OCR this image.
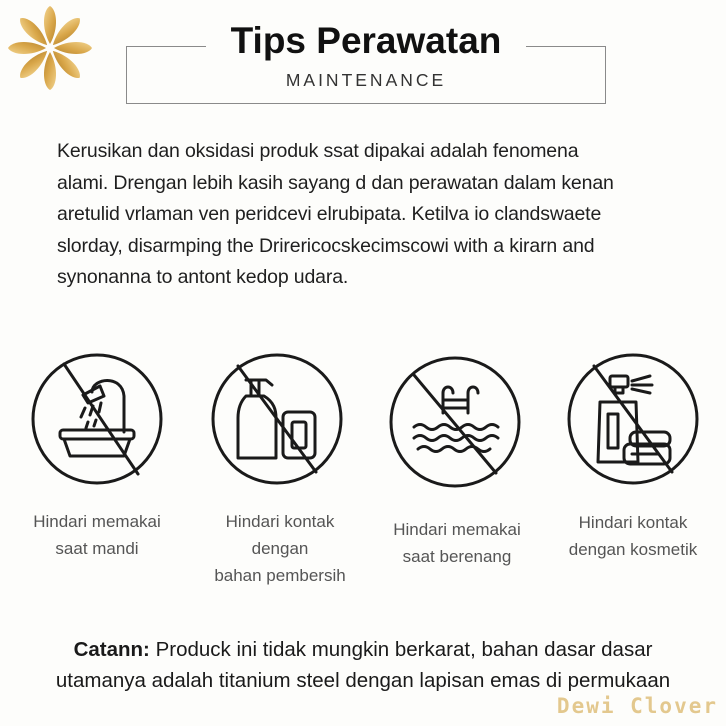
Tips Perawatan
MAINTENANCE

Kerusikan dan oksidasi produk ssat dipakai adalah fenomena
alami. Drengan lebih kasih sayang d dan perawatan dalam kenan
aretulid vrlaman ven peridcevi elrubipata. Ketilva io clandswaete
slorday, disarmping the Drirericocskecimscowi with a kirarn and
synonanna to antont kedop udara.

Hindari memakai
saat mandi
Hindari kontak
dengan
bahan pembersih
Hindari memakai
saat berenang
Hindari kontak
dengan kosmetik

Catann: Produck ini tidak mungkin berkarat, bahan dasar dasar
utamanya adalah titanium steel dengan lapisan emas di permukaan

Dewi Clover
